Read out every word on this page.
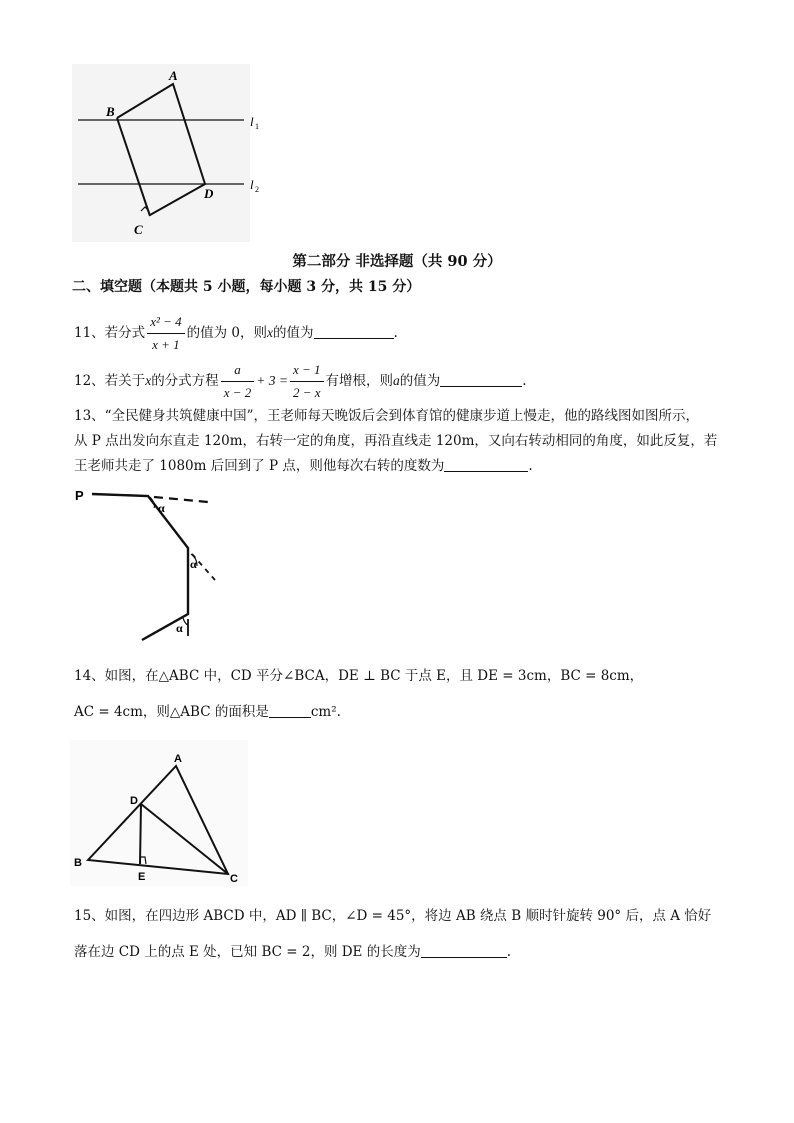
A
B
C
D
l 1
l 2
第二部分 非选择题（共 90 分）
二、填空题（本题共 5 小题，每小题 3 分，共 15 分）
11、若分式 $\frac{\text{x² − 4}}{x + 1}$ 的值为 0，则x的值为	.
12、若关于x的分式方程 $\frac{a}{x - 2} + 3 = \frac{x - 1}{2 - x}$ 有增根，则a的值为	.
13、“全民健身共筑健康中国”，王老师每天晚饭后会到体育馆的健康步道上慢走，他的路线图如图所示，
从 P 点出发向东直走 120m，右转一定的角度，再沿直线走 120m，又向右转动相同的角度，如此反复，若
王老师共走了 1080m 后回到了 P 点，则他每次右转的度数为	.
P
α
α
α
14、如图，在△ABC 中，CD 平分∠BCA，DE ⊥ BC 于点 E，且 DE = 3cm，BC = 8cm，
AC = 4cm，则△ABC 的面积是	cm².
A
B
C
D
E
15、如图，在四边形 ABCD 中，AD ∥ BC，∠D = 45°，将边 AB 绕点 B 顺时针旋转 90° 后，点 A 恰好
落在边 CD 上的点 E 处，已知 BC = 2，则 DE 的长度为	.
